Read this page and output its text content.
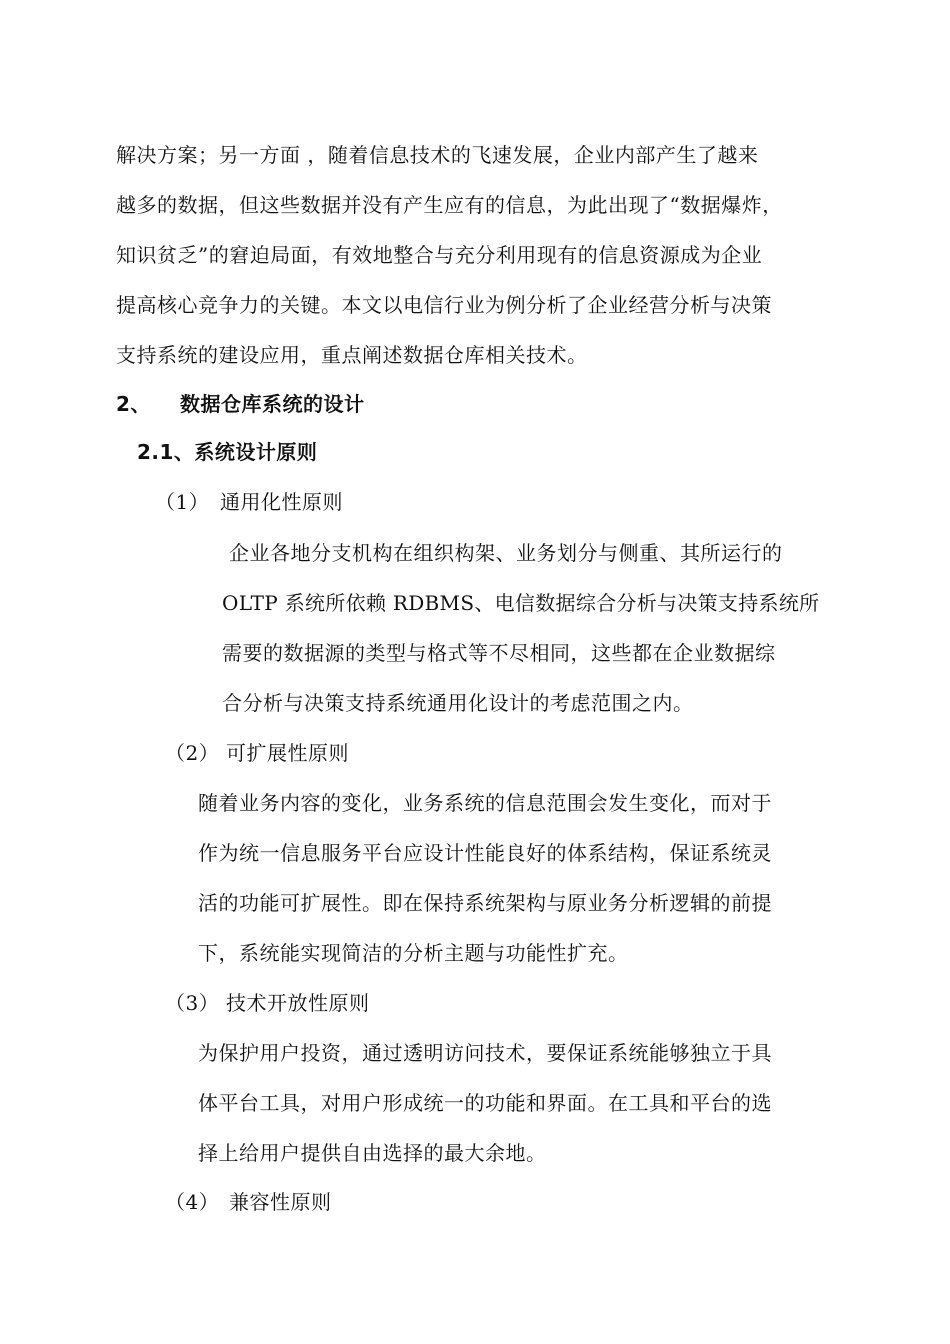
解决方案；另一方面 ，随着信息技术的飞速发展，企业内部产生了越来
越多的数据，但这些数据并没有产生应有的信息，为此出现了“数据爆炸，
知识贫乏”的窘迫局面，有效地整合与充分利用现有的信息资源成为企业
提高核心竞争力的关键。本文以电信行业为例分析了企业经营分析与决策
支持系统的建设应用，重点阐述数据仓库相关技术。
2、 数据仓库系统的设计
2.1、系统设计原则
（1） 通用化性原则
企业各地分支机构在组织构架、业务划分与侧重、其所运行的
OLTP 系统所依赖 RDBMS、电信数据综合分析与决策支持系统所
需要的数据源的类型与格式等不尽相同，这些都在企业数据综
合分析与决策支持系统通用化设计的考虑范围之内。
（2） 可扩展性原则
随着业务内容的变化，业务系统的信息范围会发生变化，而对于
作为统一信息服务平台应设计性能良好的体系结构，保证系统灵
活的功能可扩展性。即在保持系统架构与原业务分析逻辑的前提
下，系统能实现简洁的分析主题与功能性扩充。
（3） 技术开放性原则
为保护用户投资，通过透明访问技术，要保证系统能够独立于具
体平台工具，对用户形成统一的功能和界面。在工具和平台的选
择上给用户提供自由选择的最大余地。
（4） 兼容性原则
